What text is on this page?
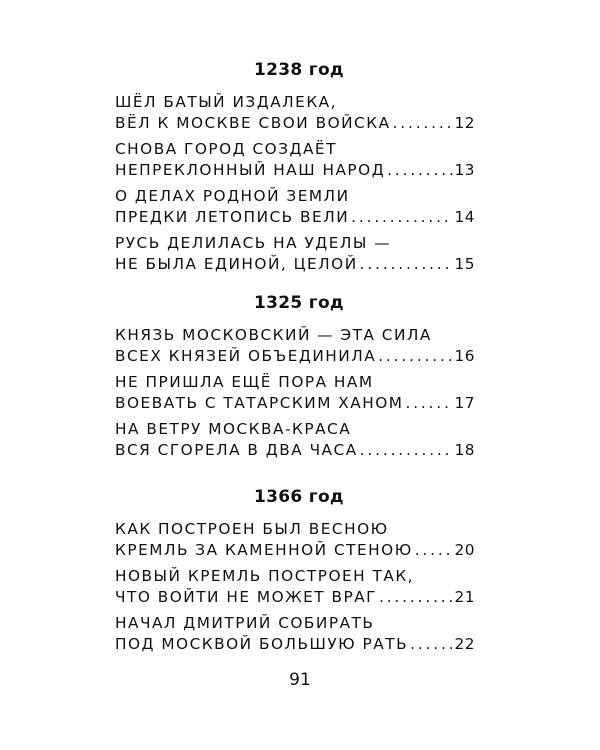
1238 год
ШЁЛ БАТЫЙ ИЗДАЛЕКА,
ВЁЛ К МОСКВЕ СВОИ ВОЙСКА . . .	12
СНОВА ГОРОД СОЗДАЁТ
НЕПРЕКЛОННЫЙ НАШ НАРОД . . .	13
О ДЕЛАХ РОДНОЙ ЗЕМЛИ
ПРЕДКИ ЛЕТОПИСЬ ВЕЛИ . . .	14
РУСЬ ДЕЛИЛАСЬ НА УДЕЛЫ —
НЕ БЫЛА ЕДИНОЙ, ЦЕЛОЙ . . .	15
1325 год
КНЯЗЬ МОСКОВСКИЙ — ЭТА СИЛА
ВСЕХ КНЯЗЕЙ ОБЪЕДИНИЛА . . .	16
НЕ ПРИШЛА ЕЩЁ ПОРА НАМ
ВОЕВАТЬ С ТАТАРСКИМ ХАНОМ . . .	17
НА ВЕТРУ МОСКВА-КРАСА
ВСЯ СГОРЕЛА В ДВА ЧАСА . . .	18
1366 год
КАК ПОСТРОЕН БЫЛ ВЕСНОЮ
КРЕМЛЬ ЗА КАМЕННОЙ СТЕНОЮ . . .	20
НОВЫЙ КРЕМЛЬ ПОСТРОЕН ТАК,
ЧТО ВОЙТИ НЕ МОЖЕТ ВРАГ . . .	21
НАЧАЛ ДМИТРИЙ СОБИРАТЬ
ПОД МОСКВОЙ БОЛЬШУЮ РАТЬ . . .	22
91
